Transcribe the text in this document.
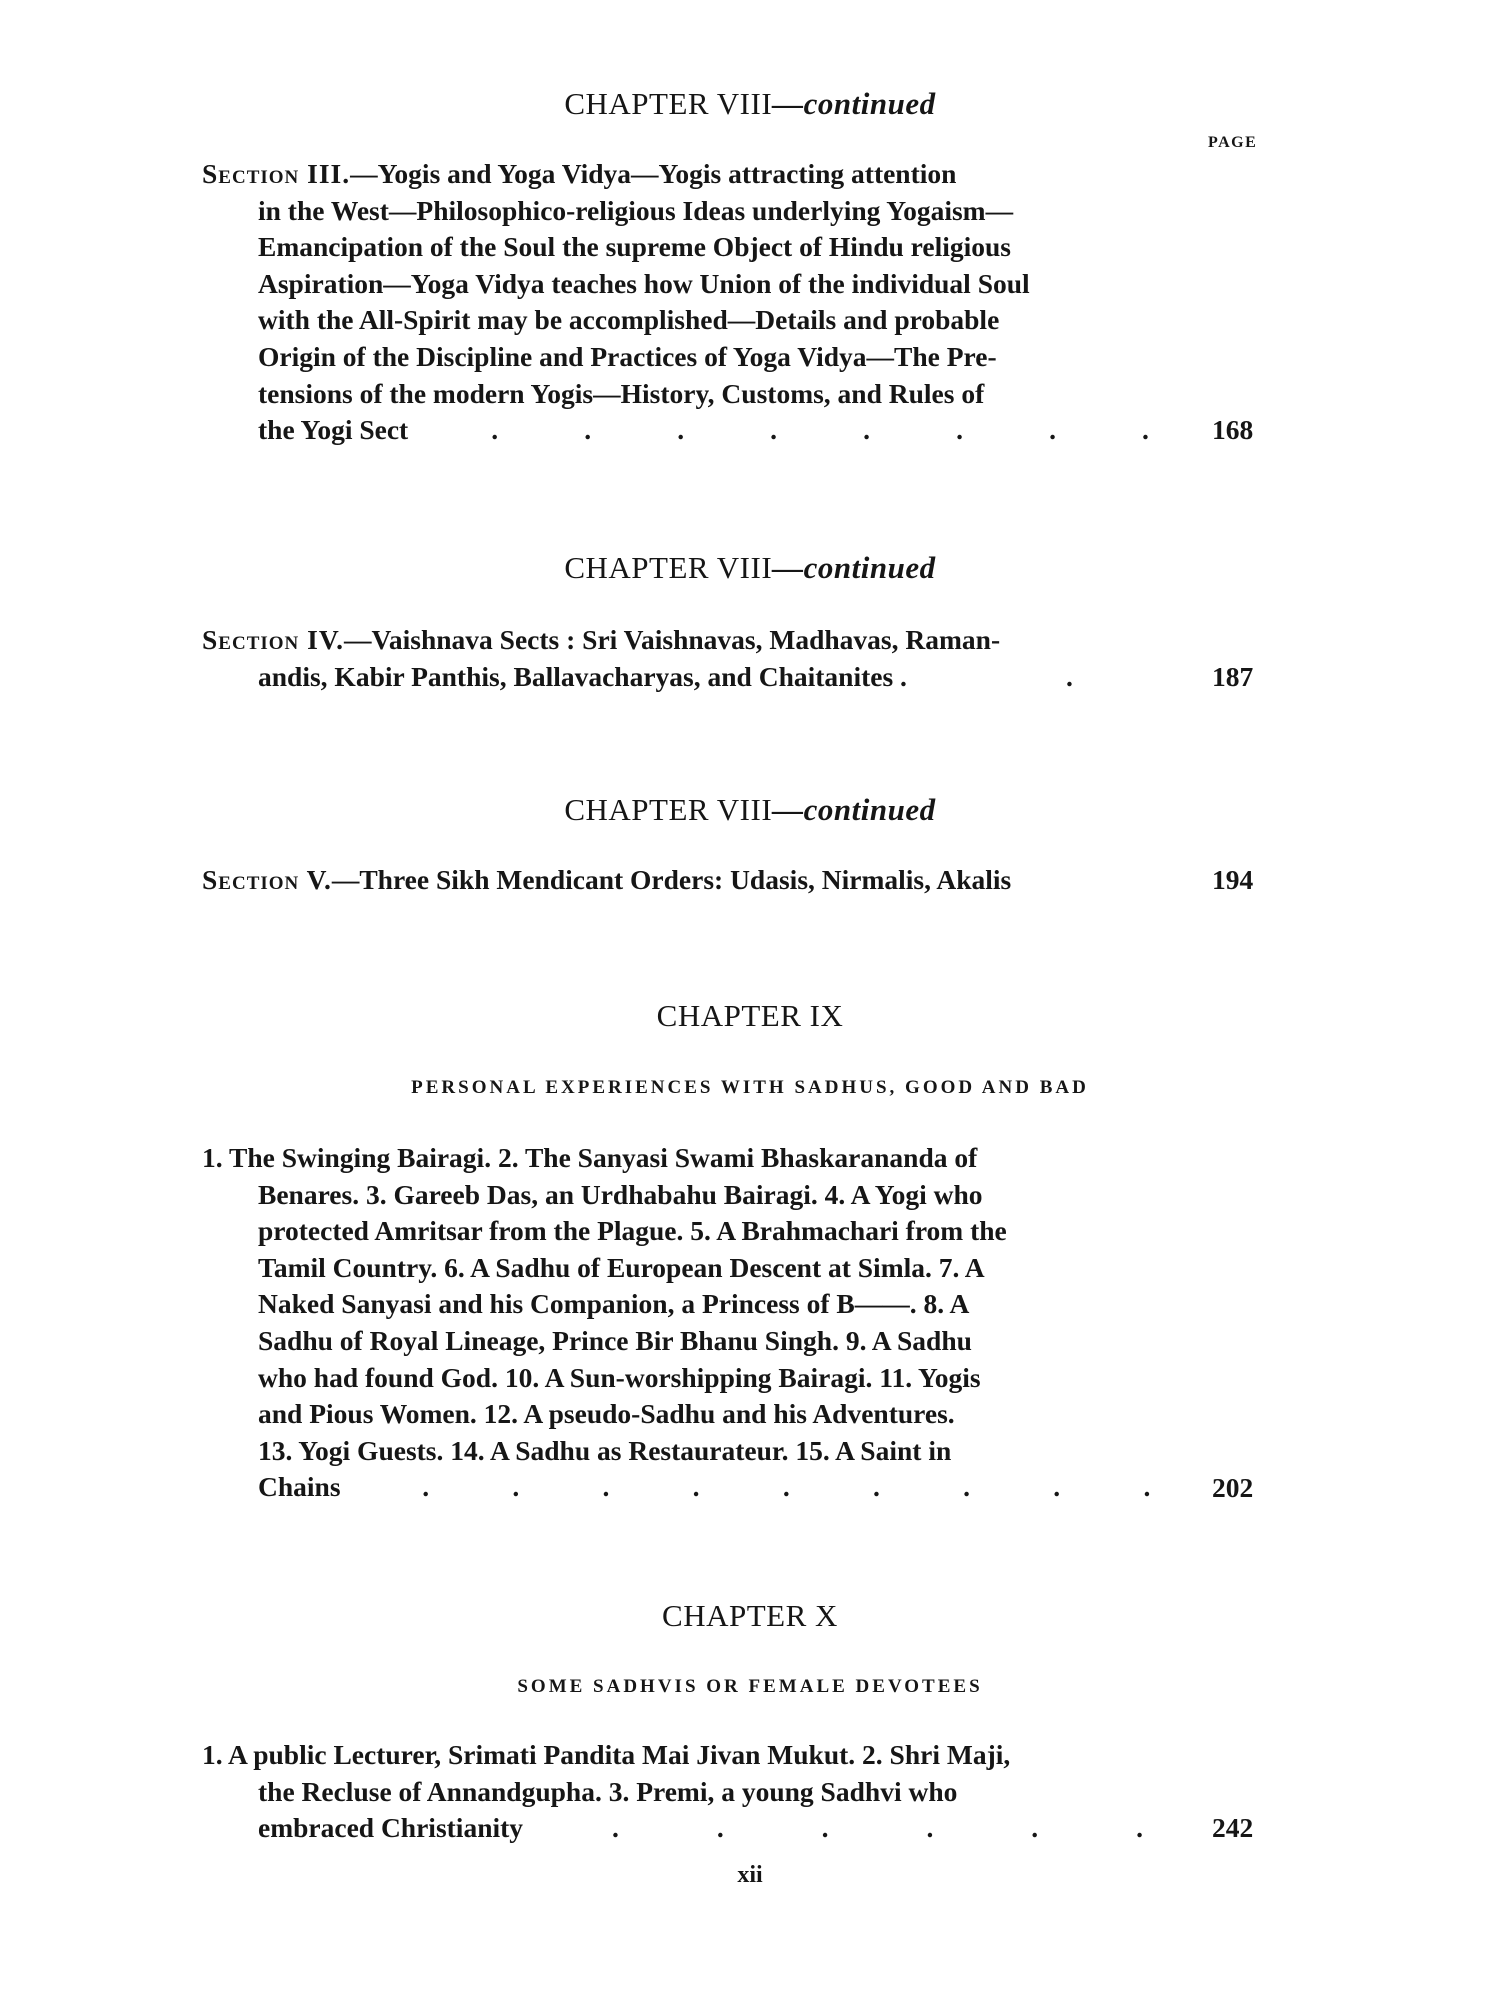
CHAPTER VIII—continued
PAGE
Section III.—Yogis and Yoga Vidya—Yogis attracting attention
in the West—Philosophico-religious Ideas underlying Yogaism—
Emancipation of the Soul the supreme Object of Hindu religious
Aspiration—Yoga Vidya teaches how Union of the individual Soul
with the All-Spirit may be accomplished—Details and probable
Origin of the Discipline and Practices of Yoga Vidya—The Pre-
tensions of the modern Yogis—History, Customs, and Rules of
the Yogi Sect	.	.	.	.	.	.	.	. 168
CHAPTER VIII—continued
Section IV.—Vaishnava Sects : Sri Vaishnavas, Madhavas, Raman-
andis, Kabir Panthis, Ballavacharyas, and Chaitanites .	.	187
CHAPTER VIII—continued
Section V.—Three Sikh Mendicant Orders: Udasis, Nirmalis, Akalis	194
CHAPTER IX
PERSONAL EXPERIENCES WITH SADHUS, GOOD AND BAD
1. The Swinging Bairagi. 2. The Sanyasi Swami Bhaskarananda of
Benares. 3. Gareeb Das, an Urdhabahu Bairagi. 4. A Yogi who
protected Amritsar from the Plague. 5. A Brahmachari from the
Tamil Country. 6. A Sadhu of European Descent at Simla. 7. A
Naked Sanyasi and his Companion, a Princess of B——. 8. A
Sadhu of Royal Lineage, Prince Bir Bhanu Singh. 9. A Sadhu
who had found God. 10. A Sun-worshipping Bairagi. 11. Yogis
and Pious Women. 12. A pseudo-Sadhu and his Adventures.
13. Yogi Guests. 14. A Sadhu as Restaurateur. 15. A Saint in
Chains	.	.	.	.	.	.	.	.	. 202
CHAPTER X
SOME SADHVIS OR FEMALE DEVOTEES
1. A public Lecturer, Srimati Pandita Mai Jivan Mukut. 2. Shri Maji,
the Recluse of Annandgupha. 3. Premi, a young Sadhvi who
embraced Christianity	.	.	.	.	.	.	242
xii
